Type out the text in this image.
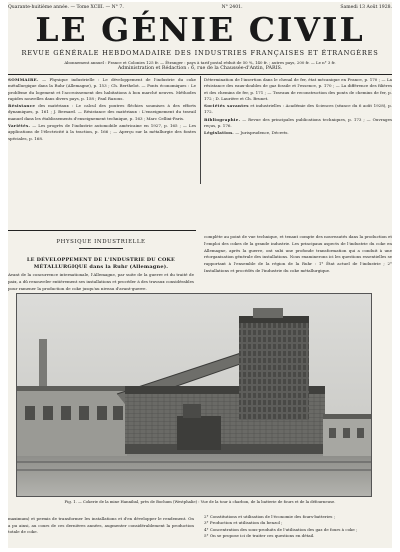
Quarante-huitième année. — Tome XCIII. — N° 7.	N° 2401.	Samedi 13 Août 1928.
LE GÉNIE CIVIL
REVUE GÉNÉRALE HEBDOMADAIRE DES INDUSTRIES FRANÇAISES ET ÉTRANGÈRES
Abonnement annuel : France et Colonies 125 fr. — Étranger : pays à tarif postal réduit de 50 %, 140 fr. ; autres pays, 200 fr. — Le n° 3 fr.
Administration et Rédaction : 6, rue de la Chaussée-d'Antin, PARIS.

SOMMAIRE. — Physique industrielle : Le développement de l'industrie du coke métallurgique dans la Ruhr (Allemagne), p. 153 ; Ch. Berthelot. — Ponts économiques : Le problème du logement et l'accroissement des habitations à bon marché neuves. Méthodes rapides nouvelles dans divers pays, p. 158 ; Paul Razous.

Résistance des matériaux : Le calcul des poutres fléchies soumises à des efforts dynamiques, p. 161 ; J. Bernard. — Résistance des matériaux : L'enseignement du travail manuel dans les établissements d'enseignement technique, p. 163 ; Marc Cellini-Paris.

Variétés. — Les progrès de l'industrie automobile américaine en 1927, p. 165 ; — Les applications de l'électricité à la traction, p. 166 ; — Aperçu sur la métallurgie des fontes spéciales, p. 168.

Détermination de l'insertion dans le chenal de fer, état mécanique en France, p. 170 ; — La résistance des eaux-doubles de gaz fossile et l'essence, p. 170 ; — La différence des filières et des chemins de fer, p. 171 ; — Travaux de reconstruction des ponts de chemins de fer, p. 172 ; D. Laurière et Ch. Brunet.

Sociétés savantes et industrielles : Académie des Sciences (séance du 6 août 1928), p. 172.

Bibliographie. — Revue des principales publications techniques, p. 173 ; — Ouvrages reçus, p. 176.

Législation. — Jurisprudence, Décrets.

complète au point de vue technique, et tenant compte des nouveautés dans la production et l'emploi des cokes de la grande industrie. Les principaux aspects de l'industrie du coke en Allemagne, après la guerre, ont subi une profonde transformation qui a conduit à une réorganisation générale des installations. Nous examinerons ici les questions essentielles se rapportant à l'ensemble de la région de la Ruhr : 1° État actuel de l'industrie ; 2° Installations et procédés de l'industrie du coke métallurgique.
PHYSIQUE INDUSTRIELLE
LE DÉVELOPPEMENT DE L'INDUSTRIE DU COKE MÉTALLURGIQUE dans la Ruhr (Allemagne).
Avant de la concurrence internationale, l'Allemagne, par suite de la guerre et du traité de paix, a dû renouveler entièrement ses installations et procéder à des travaux considérables pour ramener la production de coke jusqu'au niveau d'avant-guerre.
Fig. 1. — Cokerie de la mine Hannibal, près de Bochum (Westphalie) : Vue de la tour à charbon, de la batterie de fours et de la défourneuse.
maximum) et permis de transformer les installations et d'en développer le rendement. On a pu ainsi, au cours de ces dernières années, augmenter considérablement la production totale de coke.

2° Constitutions et utilisation de l'économie des fours-batteries ;

3° Production et utilisation du benzol ;

4° Concentration des sous-produits de l'utilisation des gaz de fours à coke ;

5° On se propose ici de traiter ces questions en détail.
